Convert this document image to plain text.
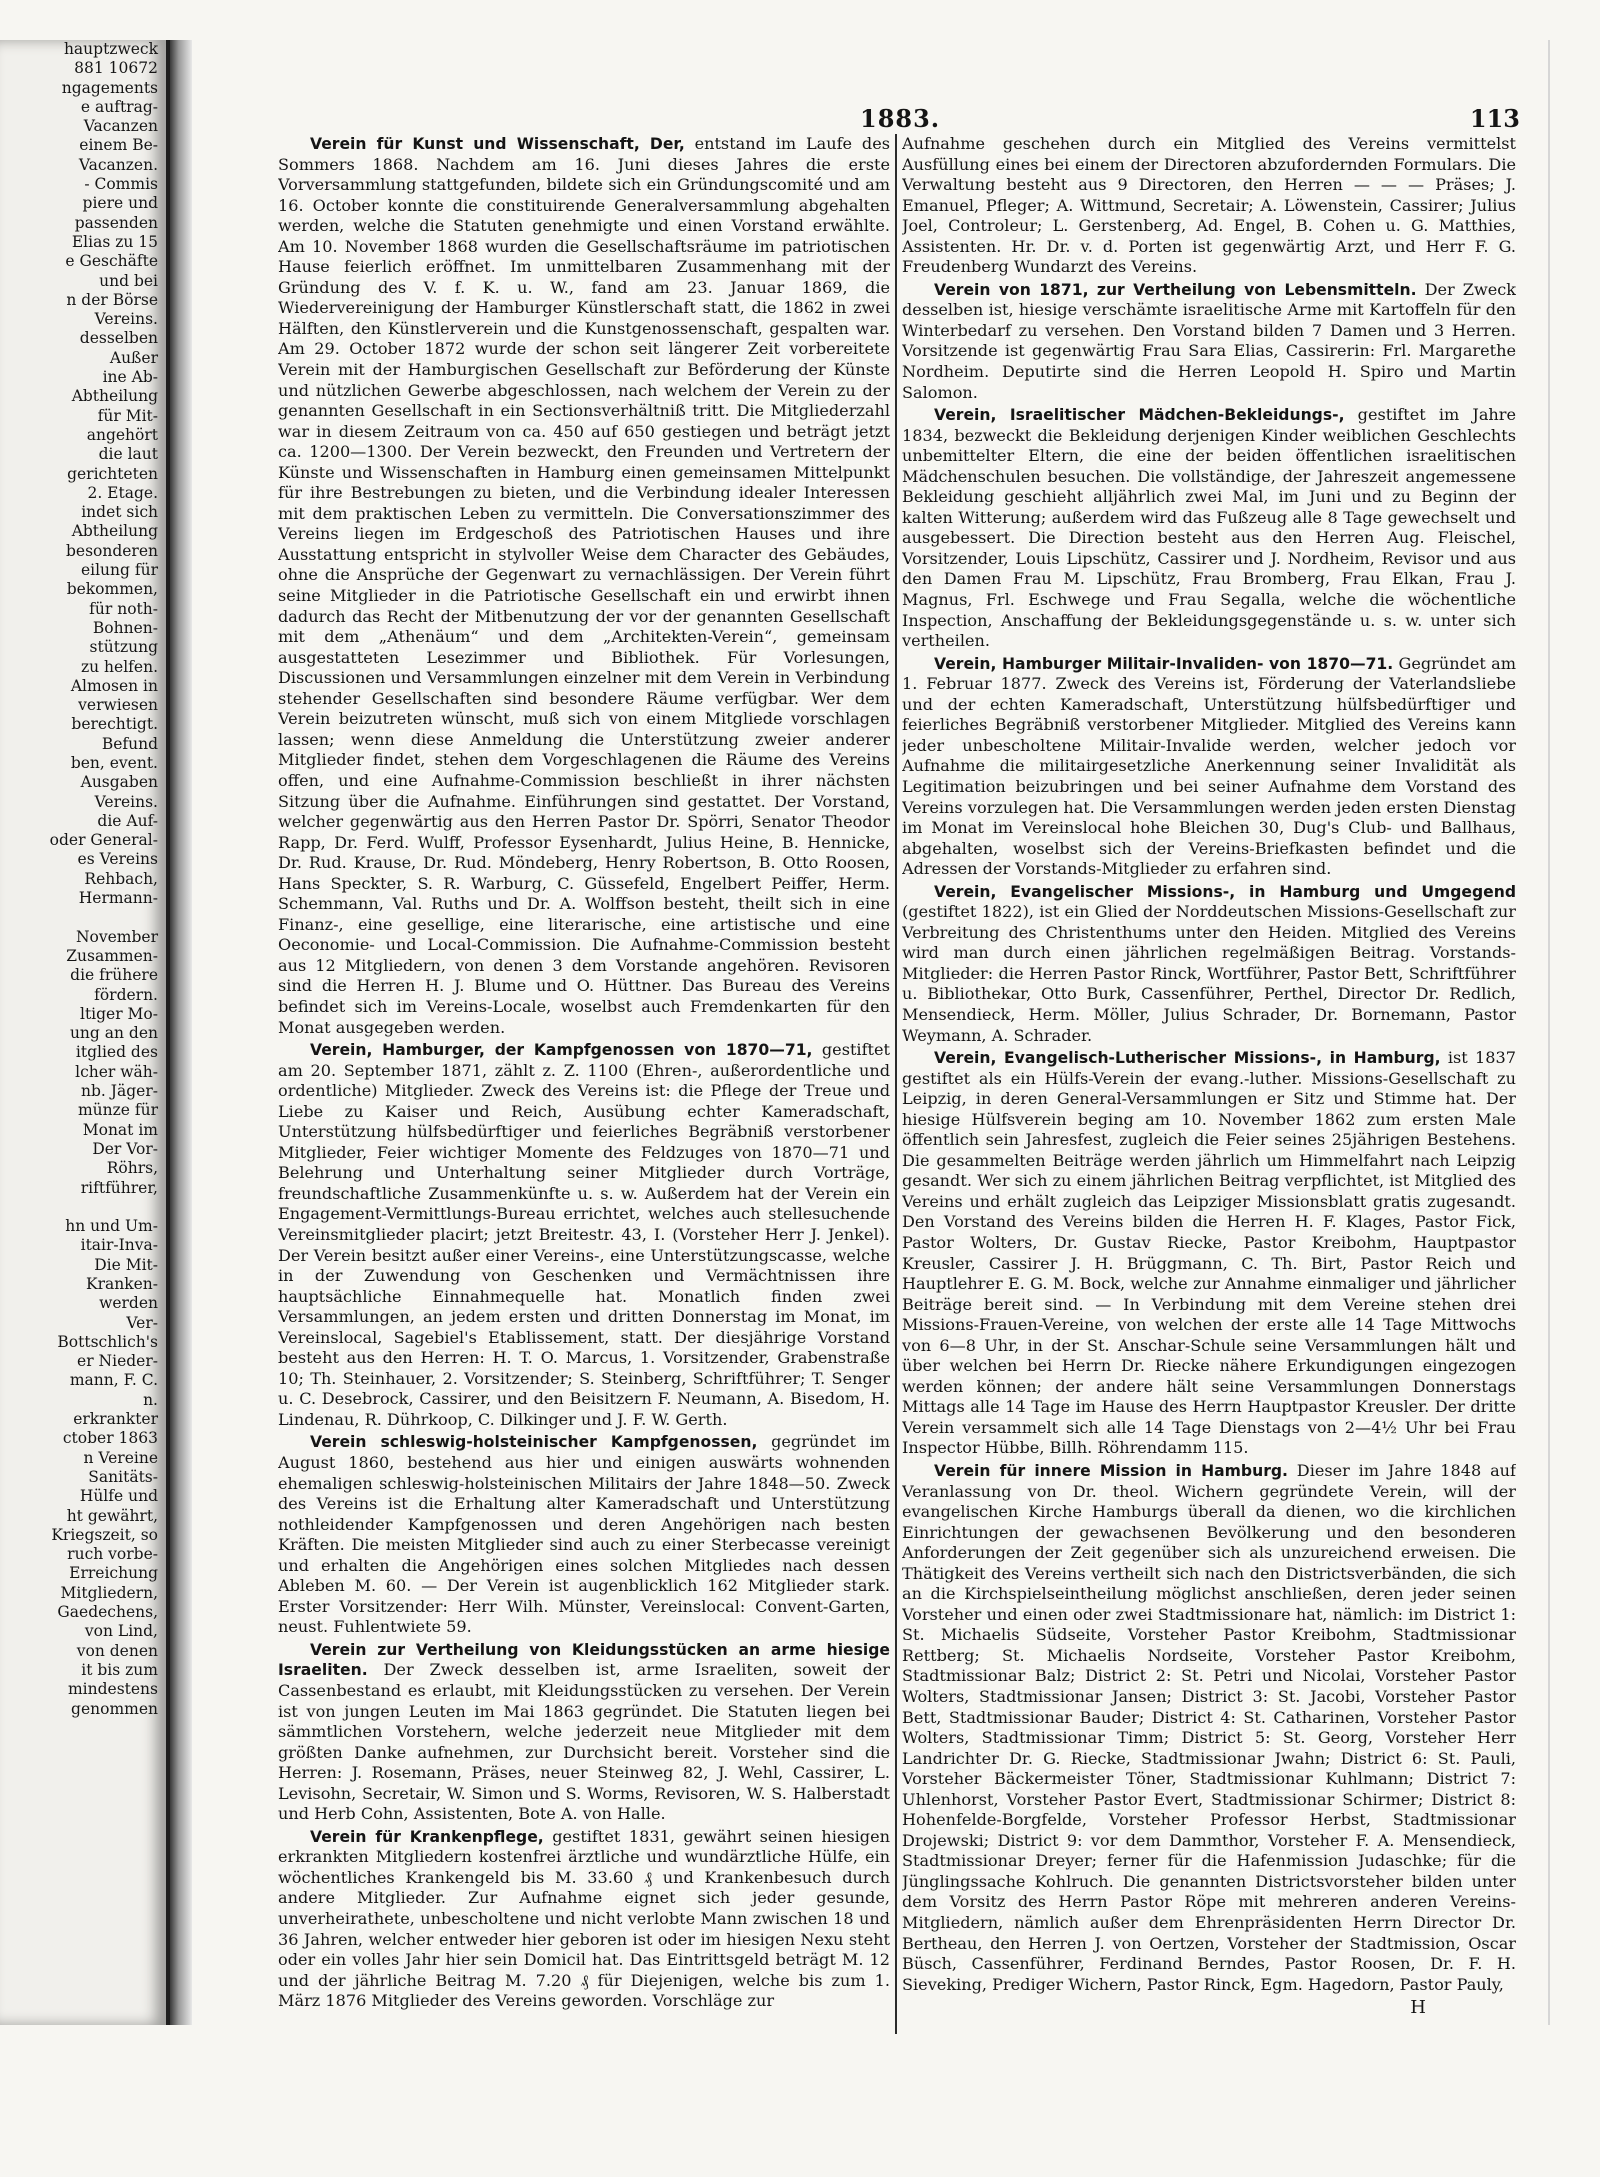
hauptzweck
881 10672
ngagements
e auftrag-
Vacanzen
einem Be-
Vacanzen.
- Commis
piere und
passenden
Elias zu 15
e Geschäfte
und bei
n der Börse
Vereins.
desselben
Außer
ine Ab-
Abtheilung
für Mit-
angehört
die laut
gerichteten
2. Etage.
indet sich
Abtheilung
besonderen
eilung für
bekommen,
für noth-
Bohnen-
stützung
zu helfen.
Almosen in
verwiesen
berechtigt.
Befund
ben, event.
Ausgaben
Vereins.
die Auf-
oder General-
es Vereins
Rehbach,
Hermann-
November
Zusammen-
die frühere
fördern.
ltiger Mo-
ung an den
itglied des
lcher wäh-
nb. Jäger-
münze für
Monat im
Der Vor-
Röhrs,
riftführer,
hn und Um-
itair-Inva-
Die Mit-
Kranken-
werden
Ver-
Bottschlich's
er Nieder-
mann, F. C.
n.
erkrankter
ctober 1863
n Vereine
Sanitäts-
Hülfe und
ht gewährt,
Kriegszeit, so
ruch vorbe-
Erreichung
Mitgliedern,
Gaedechens,
von Lind,
von denen
it bis zum
mindestens
genommen
1883.	113

Verein für Kunst und Wissenschaft, Der, entstand im Laufe des Sommers 1868. Nachdem am 16. Juni dieses Jahres die erste Vorversammlung stattgefunden, bildete sich ein Gründungscomité und am 16. October konnte die constituirende Generalversammlung abgehalten werden, welche die Statuten genehmigte und einen Vorstand erwählte. Am 10. November 1868 wurden die Gesellschaftsräume im patriotischen Hause feierlich eröffnet. Im unmittelbaren Zusammenhang mit der Gründung des V. f. K. u. W., fand am 23. Januar 1869, die Wiedervereinigung der Hamburger Künstlerschaft statt, die 1862 in zwei Hälften, den Künstlerverein und die Kunstgenossenschaft, gespalten war. Am 29. October 1872 wurde der schon seit längerer Zeit vorbereitete Verein mit der Hamburgischen Gesellschaft zur Beförderung der Künste und nützlichen Gewerbe abgeschlossen, nach welchem der Verein zu der genannten Gesellschaft in ein Sectionsverhältniß tritt. Die Mitgliederzahl war in diesem Zeitraum von ca. 450 auf 650 gestiegen und beträgt jetzt ca. 1200—1300. Der Verein bezweckt, den Freunden und Vertretern der Künste und Wissenschaften in Hamburg einen gemeinsamen Mittelpunkt für ihre Bestrebungen zu bieten, und die Verbindung idealer Interessen mit dem praktischen Leben zu vermitteln. Die Conversationszimmer des Vereins liegen im Erdgeschoß des Patriotischen Hauses und ihre Ausstattung entspricht in stylvoller Weise dem Character des Gebäudes, ohne die Ansprüche der Gegenwart zu vernachlässigen. Der Verein führt seine Mitglieder in die Patriotische Gesellschaft ein und erwirbt ihnen dadurch das Recht der Mitbenutzung der vor der genannten Gesellschaft mit dem „Athenäum“ und dem „Architekten-Verein“, gemeinsam ausgestatteten Lesezimmer und Bibliothek. Für Vorlesungen, Discussionen und Versammlungen einzelner mit dem Verein in Verbindung stehender Gesellschaften sind besondere Räume verfügbar. Wer dem Verein beizutreten wünscht, muß sich von einem Mitgliede vorschlagen lassen; wenn diese Anmeldung die Unterstützung zweier anderer Mitglieder findet, stehen dem Vorgeschlagenen die Räume des Vereins offen, und eine Aufnahme-Commission beschließt in ihrer nächsten Sitzung über die Aufnahme. Einführungen sind gestattet. Der Vorstand, welcher gegenwärtig aus den Herren Pastor Dr. Spörri, Senator Theodor Rapp, Dr. Ferd. Wulff, Professor Eysenhardt, Julius Heine, B. Hennicke, Dr. Rud. Krause, Dr. Rud. Möndeberg, Henry Robertson, B. Otto Roosen, Hans Speckter, S. R. Warburg, C. Güssefeld, Engelbert Peiffer, Herm. Schemmann, Val. Ruths und Dr. A. Wolffson besteht, theilt sich in eine Finanz-, eine gesellige, eine literarische, eine artistische und eine Oeconomie- und Local-Commission. Die Aufnahme-Commission besteht aus 12 Mitgliedern, von denen 3 dem Vorstande angehören. Revisoren sind die Herren H. J. Blume und O. Hüttner. Das Bureau des Vereins befindet sich im Vereins-Locale, woselbst auch Fremdenkarten für den Monat ausgegeben werden.

Verein, Hamburger, der Kampfgenossen von 1870—71, gestiftet am 20. September 1871, zählt z. Z. 1100 (Ehren-, außerordentliche und ordentliche) Mitglieder. Zweck des Vereins ist: die Pflege der Treue und Liebe zu Kaiser und Reich, Ausübung echter Kameradschaft, Unterstützung hülfsbedürftiger und feierliches Begräbniß verstorbener Mitglieder, Feier wichtiger Momente des Feldzuges von 1870—71 und Belehrung und Unterhaltung seiner Mitglieder durch Vorträge, freundschaftliche Zusammenkünfte u. s. w. Außerdem hat der Verein ein Engagement-Vermittlungs-Bureau errichtet, welches auch stellesuchende Vereinsmitglieder placirt; jetzt Breitestr. 43, I. (Vorsteher Herr J. Jenkel). Der Verein besitzt außer einer Vereins-, eine Unterstützungscasse, welche in der Zuwendung von Geschenken und Vermächtnissen ihre hauptsächliche Einnahmequelle hat. Monatlich finden zwei Versammlungen, an jedem ersten und dritten Donnerstag im Monat, im Vereinslocal, Sagebiel's Etablissement, statt. Der diesjährige Vorstand besteht aus den Herren: H. T. O. Marcus, 1. Vorsitzender, Grabenstraße 10; Th. Steinhauer, 2. Vorsitzender; S. Steinberg, Schriftführer; T. Senger u. C. Desebrock, Cassirer, und den Beisitzern F. Neumann, A. Bisedom, H. Lindenau, R. Dührkoop, C. Dilkinger und J. F. W. Gerth.

Verein schleswig-holsteinischer Kampfgenossen, gegründet im August 1860, bestehend aus hier und einigen auswärts wohnenden ehemaligen schleswig-holsteinischen Militairs der Jahre 1848—50. Zweck des Vereins ist die Erhaltung alter Kameradschaft und Unterstützung nothleidender Kampfgenossen und deren Angehörigen nach besten Kräften. Die meisten Mitglieder sind auch zu einer Sterbecasse vereinigt und erhalten die Angehörigen eines solchen Mitgliedes nach dessen Ableben M. 60. — Der Verein ist augenblicklich 162 Mitglieder stark. Erster Vorsitzender: Herr Wilh. Münster, Vereinslocal: Convent-Garten, neust. Fuhlentwiete 59.

Verein zur Vertheilung von Kleidungsstücken an arme hiesige Israeliten. Der Zweck desselben ist, arme Israeliten, soweit der Cassenbestand es erlaubt, mit Kleidungsstücken zu versehen. Der Verein ist von jungen Leuten im Mai 1863 gegründet. Die Statuten liegen bei sämmtlichen Vorstehern, welche jederzeit neue Mitglieder mit dem größten Danke aufnehmen, zur Durchsicht bereit. Vorsteher sind die Herren: J. Rosemann, Präses, neuer Steinweg 82, J. Wehl, Cassirer, L. Levisohn, Secretair, W. Simon und S. Worms, Revisoren, W. S. Halberstadt und Herb Cohn, Assistenten, Bote A. von Halle.

Verein für Krankenpflege, gestiftet 1831, gewährt seinen hiesigen erkrankten Mitgliedern kostenfrei ärztliche und wundärztliche Hülfe, ein wöchentliches Krankengeld bis M. 33.60 ₰ und Krankenbesuch durch andere Mitglieder. Zur Aufnahme eignet sich jeder gesunde, unverheirathete, unbescholtene und nicht verlobte Mann zwischen 18 und 36 Jahren, welcher entweder hier geboren ist oder im hiesigen Nexu steht oder ein volles Jahr hier sein Domicil hat. Das Eintrittsgeld beträgt M. 12 und der jährliche Beitrag M. 7.20 ₰ für Diejenigen, welche bis zum 1. März 1876 Mitglieder des Vereins geworden. Vorschläge zur

Aufnahme geschehen durch ein Mitglied des Vereins vermittelst Ausfüllung eines bei einem der Directoren abzufordernden Formulars. Die Verwaltung besteht aus 9 Directoren, den Herren — — — Präses; J. Emanuel, Pfleger; A. Wittmund, Secretair; A. Löwenstein, Cassirer; Julius Joel, Controleur; L. Gerstenberg, Ad. Engel, B. Cohen u. G. Matthies, Assistenten. Hr. Dr. v. d. Porten ist gegenwärtig Arzt, und Herr F. G. Freudenberg Wundarzt des Vereins.

Verein von 1871, zur Vertheilung von Lebensmitteln. Der Zweck desselben ist, hiesige verschämte israelitische Arme mit Kartoffeln für den Winterbedarf zu versehen. Den Vorstand bilden 7 Damen und 3 Herren. Vorsitzende ist gegenwärtig Frau Sara Elias, Cassirerin: Frl. Margarethe Nordheim. Deputirte sind die Herren Leopold H. Spiro und Martin Salomon.

Verein, Israelitischer Mädchen-Bekleidungs-, gestiftet im Jahre 1834, bezweckt die Bekleidung derjenigen Kinder weiblichen Geschlechts unbemittelter Eltern, die eine der beiden öffentlichen israelitischen Mädchenschulen besuchen. Die vollständige, der Jahreszeit angemessene Bekleidung geschieht alljährlich zwei Mal, im Juni und zu Beginn der kalten Witterung; außerdem wird das Fußzeug alle 8 Tage gewechselt und ausgebessert. Die Direction besteht aus den Herren Aug. Fleischel, Vorsitzender, Louis Lipschütz, Cassirer und J. Nordheim, Revisor und aus den Damen Frau M. Lipschütz, Frau Bromberg, Frau Elkan, Frau J. Magnus, Frl. Eschwege und Frau Segalla, welche die wöchentliche Inspection, Anschaffung der Bekleidungsgegenstände u. s. w. unter sich vertheilen.

Verein, Hamburger Militair-Invaliden- von 1870—71. Gegründet am 1. Februar 1877. Zweck des Vereins ist, Förderung der Vaterlandsliebe und der echten Kameradschaft, Unterstützung hülfsbedürftiger und feierliches Begräbniß verstorbener Mitglieder. Mitglied des Vereins kann jeder unbescholtene Militair-Invalide werden, welcher jedoch vor Aufnahme die militairgesetzliche Anerkennung seiner Invalidität als Legitimation beizubringen und bei seiner Aufnahme dem Vorstand des Vereins vorzulegen hat. Die Versammlungen werden jeden ersten Dienstag im Monat im Vereinslocal hohe Bleichen 30, Dug's Club- und Ballhaus, abgehalten, woselbst sich der Vereins-Briefkasten befindet und die Adressen der Vorstands-Mitglieder zu erfahren sind.

Verein, Evangelischer Missions-, in Hamburg und Umgegend (gestiftet 1822), ist ein Glied der Norddeutschen Missions-Gesellschaft zur Verbreitung des Christenthums unter den Heiden. Mitglied des Vereins wird man durch einen jährlichen regelmäßigen Beitrag. Vorstands-Mitglieder: die Herren Pastor Rinck, Wortführer, Pastor Bett, Schriftführer u. Bibliothekar, Otto Burk, Cassenführer, Perthel, Director Dr. Redlich, Mensendieck, Herm. Möller, Julius Schrader, Dr. Bornemann, Pastor Weymann, A. Schrader.

Verein, Evangelisch-Lutherischer Missions-, in Hamburg, ist 1837 gestiftet als ein Hülfs-Verein der evang.-luther. Missions-Gesellschaft zu Leipzig, in deren General-Versammlungen er Sitz und Stimme hat. Der hiesige Hülfsverein beging am 10. November 1862 zum ersten Male öffentlich sein Jahresfest, zugleich die Feier seines 25jährigen Bestehens. Die gesammelten Beiträge werden jährlich um Himmelfahrt nach Leipzig gesandt. Wer sich zu einem jährlichen Beitrag verpflichtet, ist Mitglied des Vereins und erhält zugleich das Leipziger Missionsblatt gratis zugesandt. Den Vorstand des Vereins bilden die Herren H. F. Klages, Pastor Fick, Pastor Wolters, Dr. Gustav Riecke, Pastor Kreibohm, Hauptpastor Kreusler, Cassirer J. H. Brüggmann, C. Th. Birt, Pastor Reich und Hauptlehrer E. G. M. Bock, welche zur Annahme einmaliger und jährlicher Beiträge bereit sind. — In Verbindung mit dem Vereine stehen drei Missions-Frauen-Vereine, von welchen der erste alle 14 Tage Mittwochs von 6—8 Uhr, in der St. Anschar-Schule seine Versammlungen hält und über welchen bei Herrn Dr. Riecke nähere Erkundigungen eingezogen werden können; der andere hält seine Versammlungen Donnerstags Mittags alle 14 Tage im Hause des Herrn Hauptpastor Kreusler. Der dritte Verein versammelt sich alle 14 Tage Dienstags von 2—4½ Uhr bei Frau Inspector Hübbe, Billh. Röhrendamm 115.

Verein für innere Mission in Hamburg. Dieser im Jahre 1848 auf Veranlassung von Dr. theol. Wichern gegründete Verein, will der evangelischen Kirche Hamburgs überall da dienen, wo die kirchlichen Einrichtungen der gewachsenen Bevölkerung und den besonderen Anforderungen der Zeit gegenüber sich als unzureichend erweisen. Die Thätigkeit des Vereins vertheilt sich nach den Districtsverbänden, die sich an die Kirchspielseintheilung möglichst anschließen, deren jeder seinen Vorsteher und einen oder zwei Stadtmissionare hat, nämlich: im District 1: St. Michaelis Südseite, Vorsteher Pastor Kreibohm, Stadtmissionar Rettberg; St. Michaelis Nordseite, Vorsteher Pastor Kreibohm, Stadtmissionar Balz; District 2: St. Petri und Nicolai, Vorsteher Pastor Wolters, Stadtmissionar Jansen; District 3: St. Jacobi, Vorsteher Pastor Bett, Stadtmissionar Bauder; District 4: St. Catharinen, Vorsteher Pastor Wolters, Stadtmissionar Timm; District 5: St. Georg, Vorsteher Herr Landrichter Dr. G. Riecke, Stadtmissionar Jwahn; District 6: St. Pauli, Vorsteher Bäckermeister Töner, Stadtmissionar Kuhlmann; District 7: Uhlenhorst, Vorsteher Pastor Evert, Stadtmissionar Schirmer; District 8: Hohenfelde-Borgfelde, Vorsteher Professor Herbst, Stadtmissionar Drojewski; District 9: vor dem Dammthor, Vorsteher F. A. Mensendieck, Stadtmissionar Dreyer; ferner für die Hafenmission Judaschke; für die Jünglingssache Kohlruch. Die genannten Districtsvorsteher bilden unter dem Vorsitz des Herrn Pastor Röpe mit mehreren anderen Vereins-Mitgliedern, nämlich außer dem Ehrenpräsidenten Herrn Director Dr. Bertheau, den Herren J. von Oertzen, Vorsteher der Stadtmission, Oscar Büsch, Cassenführer, Ferdinand Berndes, Pastor Roosen, Dr. F. H. Sieveking, Prediger Wichern, Pastor Rinck, Egm. Hagedorn, Pastor Pauly,

H
